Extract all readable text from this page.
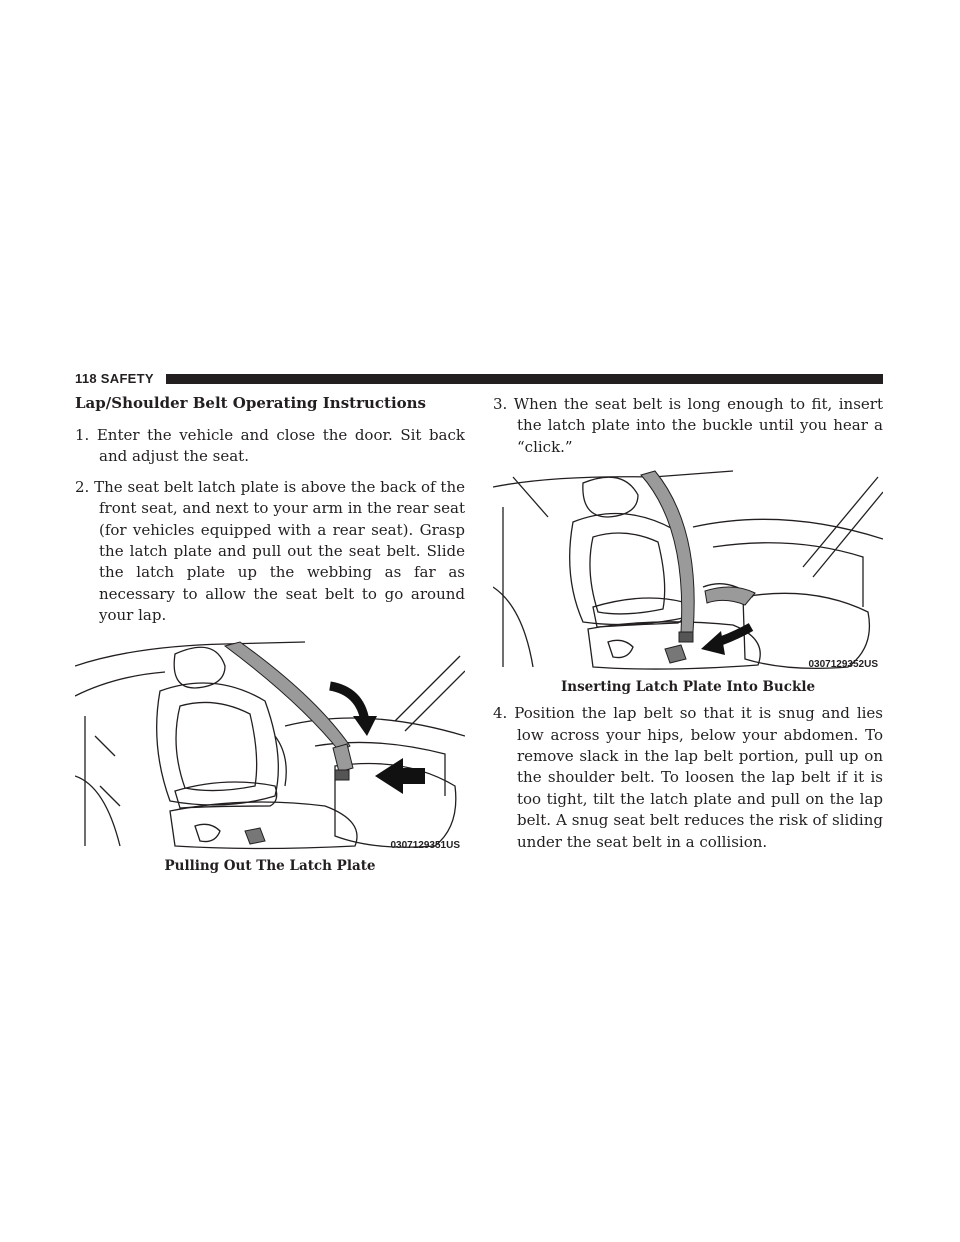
118 SAFETY
Lap/Shoulder Belt Operating Instructions

1. Enter the vehicle and close the door. Sit back and adjust the seat.

2. The seat belt latch plate is above the back of the front seat, and next to your arm in the rear seat (for vehicles equipped with a rear seat). Grasp the latch plate and pull out the seat belt. Slide the latch plate up the webbing as far as necessary to allow the seat belt to go around your lap.

0307129351US
Pulling Out The Latch Plate

3. When the seat belt is long enough to fit, insert the latch plate into the buckle until you hear a “click.”

0307129352US
Inserting Latch Plate Into Buckle

4. Position the lap belt so that it is snug and lies low across your hips, below your abdomen. To remove slack in the lap belt portion, pull up on the shoulder belt. To loosen the lap belt if it is too tight, tilt the latch plate and pull on the lap belt. A snug seat belt reduces the risk of sliding under the seat belt in a collision.
